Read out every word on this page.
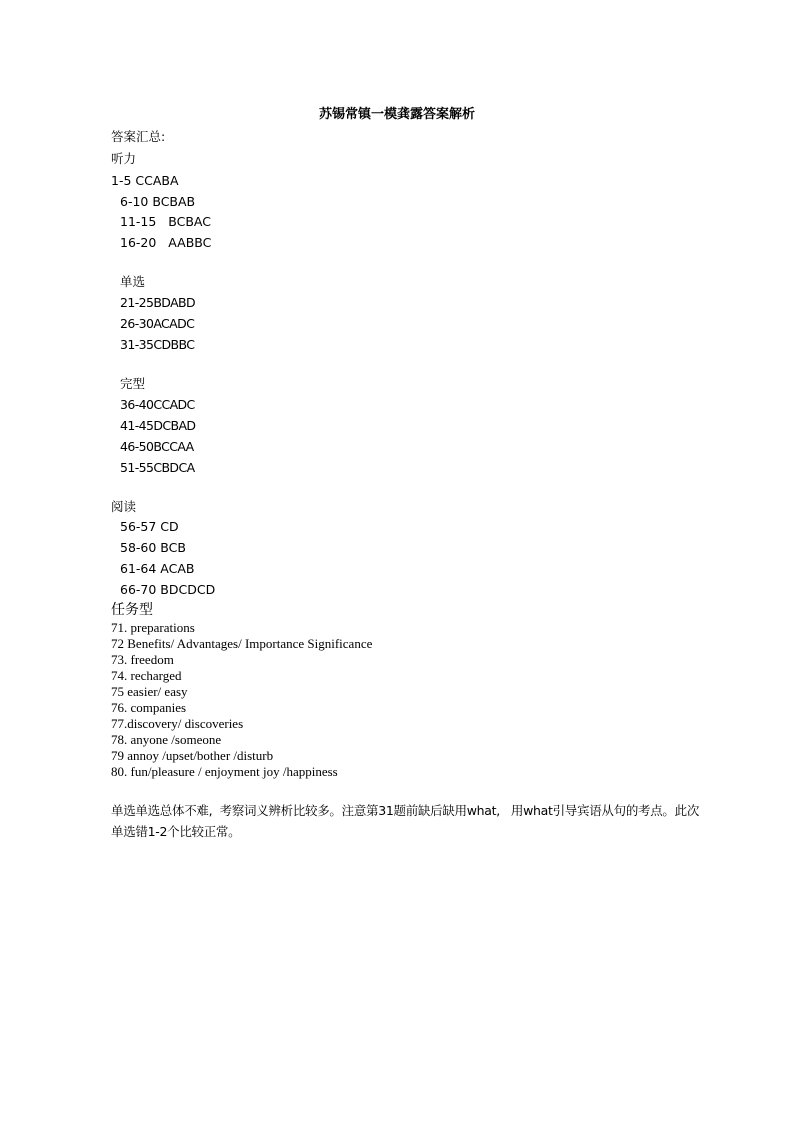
苏锡常镇一模龚露答案解析
答案汇总:
听力
1-5 CCABA
6-10 BCBAB
11-15   BCBAC
16-20   AABBC
单选
21-25BDABD
26-30ACADC
31-35CDBBC
完型
36-40CCADC
41-45DCBAD
46-50BCCAA
51-55CBDCA
阅读
56-57 CD
58-60 BCB
61-64 ACAB
66-70 BDCDCD
任务型
71. preparations
72 Benefits/ Advantages/ Importance Significance
73. freedom
74. recharged
75 easier/ easy
76. companies
77.discovery/ discoveries
78. anyone /someone
79 annoy /upset/bother /disturb
80. fun/pleasure / enjoyment joy /happiness

单选单选总体不难,  考察词义辨析比较多。注意第31题前缺后缺用what,   用what引导宾语从句的考点。此次

单选错1-2个比较正常。
